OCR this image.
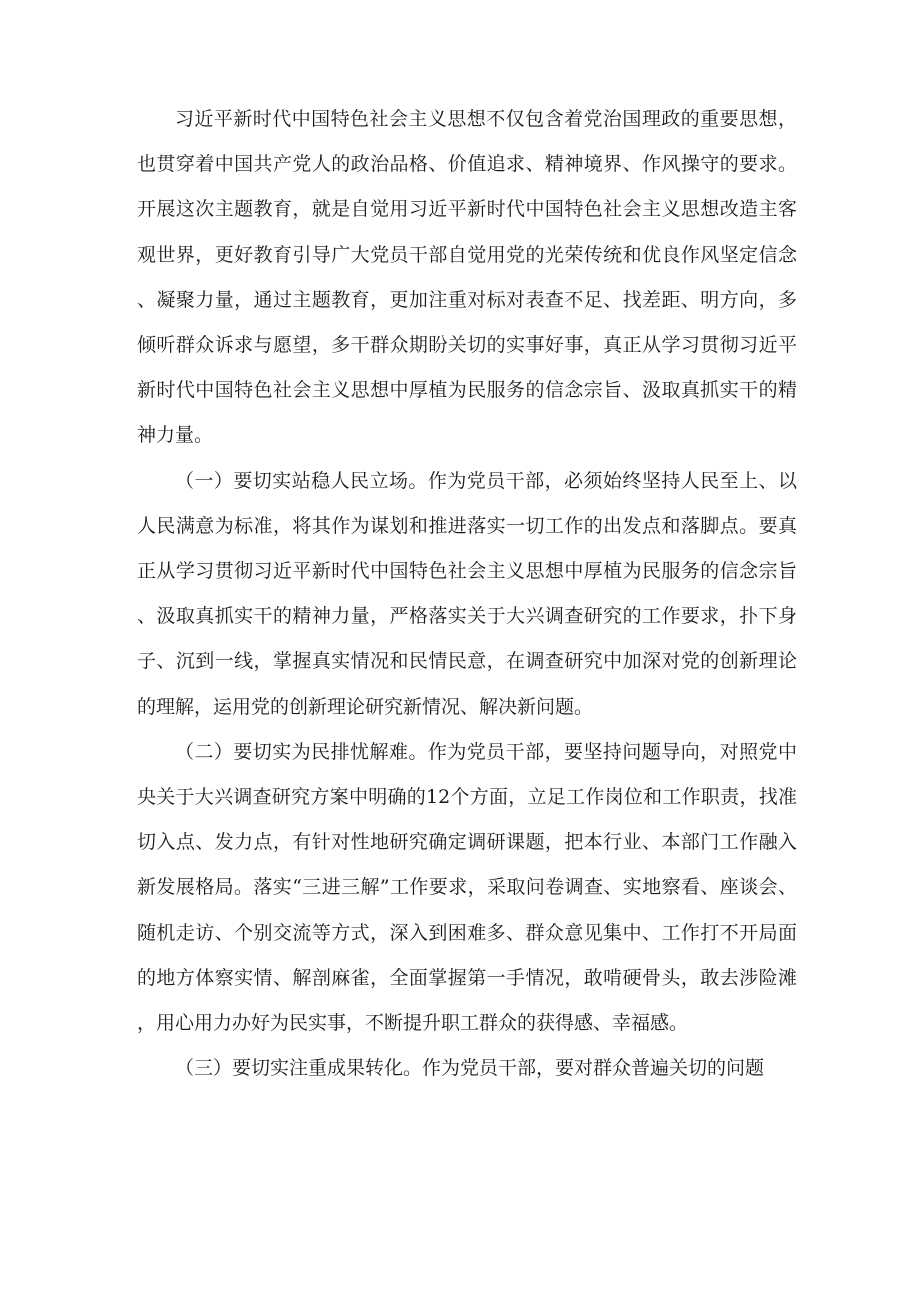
习近平新时代中国特色社会主义思想不仅包含着党治国理政的重要思想，也贯穿着中国共产党人的政治品格、价值追求、精神境界、作风操守的要求。开展这次主题教育，就是自觉用习近平新时代中国特色社会主义思想改造主客观世界，更好教育引导广大党员干部自觉用党的光荣传统和优良作风坚定信念、凝聚力量，通过主题教育，更加注重对标对表查不足、找差距、明方向，多倾听群众诉求与愿望，多干群众期盼关切的实事好事，真正从学习贯彻习近平新时代中国特色社会主义思想中厚植为民服务的信念宗旨、汲取真抓实干的精神力量。

（一）要切实站稳人民立场。作为党员干部，必须始终坚持人民至上、以人民满意为标准，将其作为谋划和推进落实一切工作的出发点和落脚点。要真正从学习贯彻习近平新时代中国特色社会主义思想中厚植为民服务的信念宗旨、汲取真抓实干的精神力量，严格落实关于大兴调查研究的工作要求，扑下身子、沉到一线，掌握真实情况和民情民意，在调查研究中加深对党的创新理论的理解，运用党的创新理论研究新情况、解决新问题。

（二）要切实为民排忧解难。作为党员干部，要坚持问题导向，对照党中央关于大兴调查研究方案中明确的12个方面，立足工作岗位和工作职责，找准切入点、发力点，有针对性地研究确定调研课题，把本行业、本部门工作融入新发展格局。落实“三进三解”工作要求，采取问卷调查、实地察看、座谈会、随机走访、个别交流等方式，深入到困难多、群众意见集中、工作打不开局面的地方体察实情、解剖麻雀，全面掌握第一手情况，敢啃硬骨头，敢去涉险滩，用心用力办好为民实事，不断提升职工群众的获得感、幸福感。

（三）要切实注重成果转化。作为党员干部，要对群众普遍关切的问题
